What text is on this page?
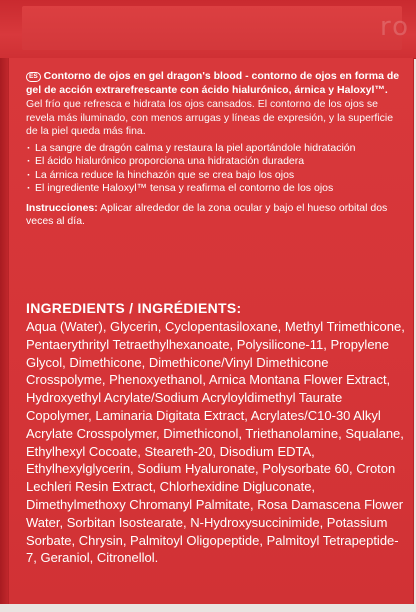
ro
ES Contorno de ojos en gel dragon's blood - contorno de ojos en forma de gel de acción extrarefrescante con ácido hialurónico, árnica y Haloxyl™.
Gel frío que refresca e hidrata los ojos cansados. El contorno de los ojos se revela más iluminado, con menos arrugas y líneas de expresión, y la superficie de la piel queda más fina.
· La sangre de dragón calma y restaura la piel aportándole hidratación
· El ácido hialurónico proporciona una hidratación duradera
· La árnica reduce la hinchazón que se crea bajo los ojos
· El ingrediente Haloxyl™ tensa y reafirma el contorno de los ojos
Instrucciones: Aplicar alrededor de la zona ocular y bajo el hueso orbital dos veces al día.
INGREDIENTS / INGRÉDIENTS:
Aqua (Water), Glycerin, Cyclopentasiloxane, Methyl Trimethicone, Pentaerythrityl Tetraethylhexanoate, Polysilicone-11, Propylene Glycol, Dimethicone, Dimethicone/Vinyl Dimethicone Crosspolyme, Phenoxyethanol, Arnica Montana Flower Extract, Hydroxyethyl Acrylate/Sodium Acryloyldimethyl Taurate Copolymer, Laminaria Digitata Extract, Acrylates/C10-30 Alkyl Acrylate Crosspolymer, Dimethiconol, Triethanolamine, Squalane, Ethylhexyl Cocoate, Steareth-20, Disodium EDTA, Ethylhexylglycerin, Sodium Hyaluronate, Polysorbate 60, Croton Lechleri Resin Extract, Chlorhexidine Digluconate, Dimethylmethoxy Chromanyl Palmitate, Rosa Damascena Flower Water, Sorbitan Isostearate, N-Hydroxysuccinimide, Potassium Sorbate, Chrysin, Palmitoyl Oligopeptide, Palmitoyl Tetrapeptide-7, Geraniol, Citronellol.
